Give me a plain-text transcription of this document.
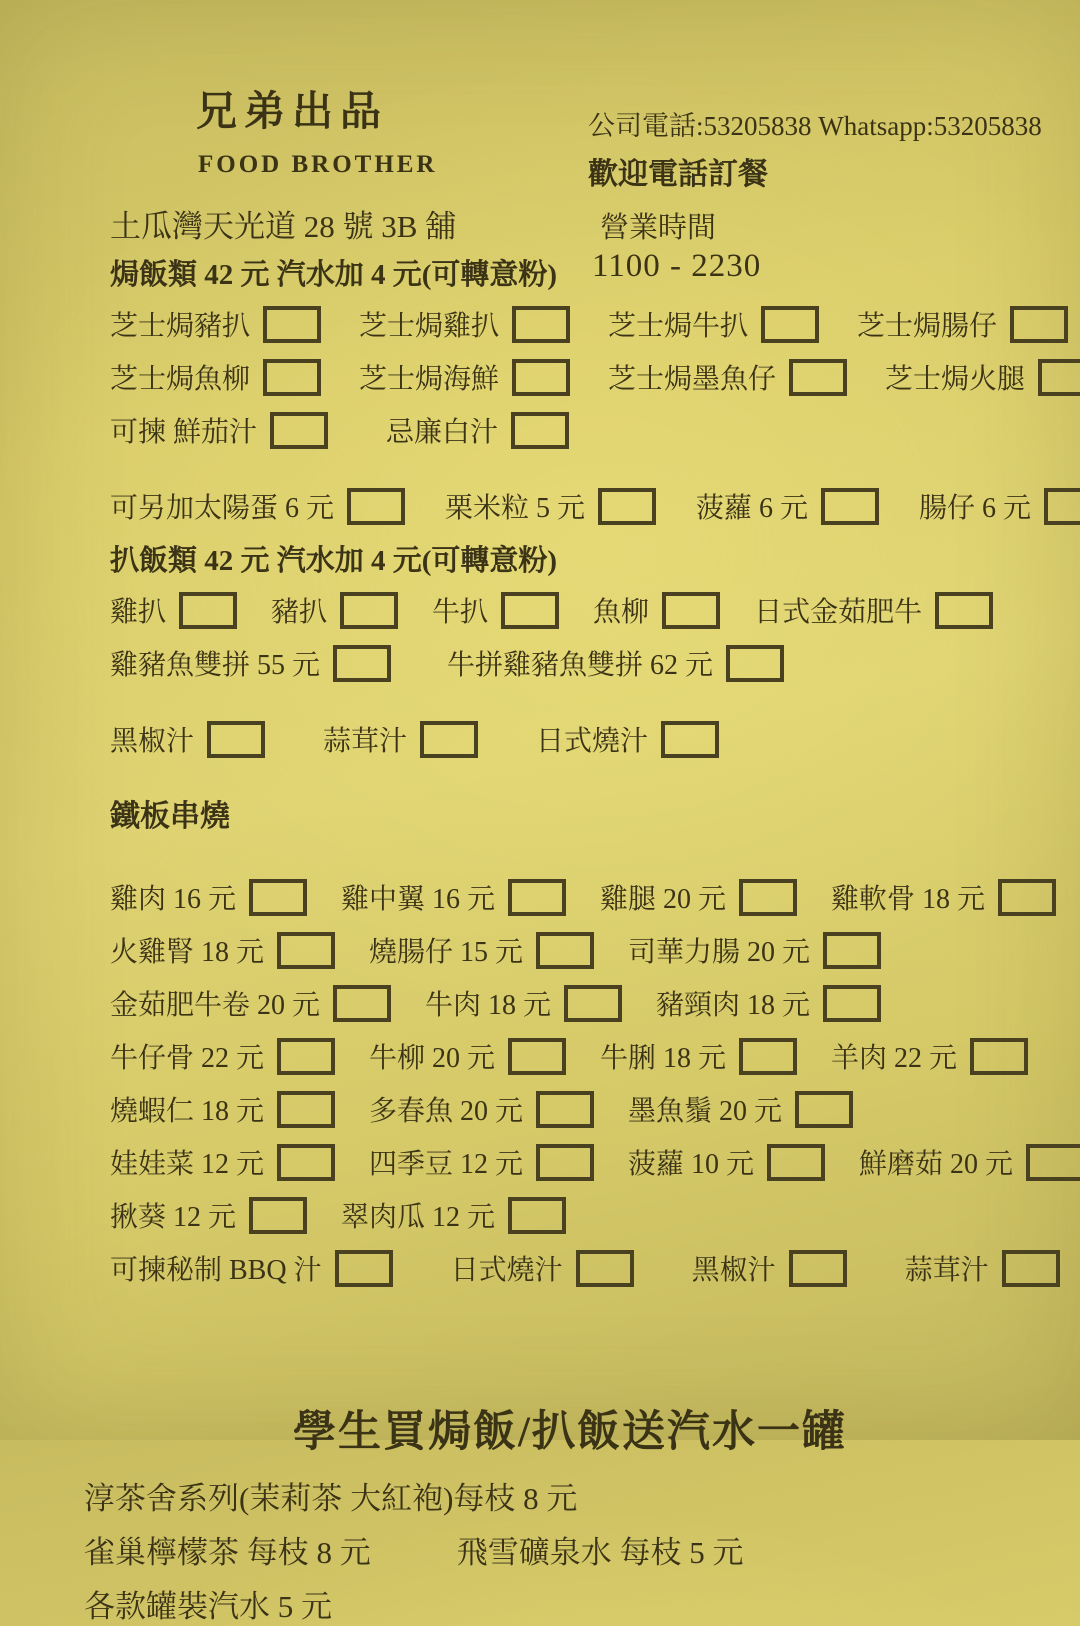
兄弟出品	公司電話:53205838 Whatsapp:53205838
FOOD BROTHER	歡迎電話訂餐
土瓜灣天光道 28 號 3B 舖	營業時間
焗飯類 42 元 汽水加 4 元(可轉意粉)	1100 - 2230
芝士焗豬扒	芝士焗雞扒	芝士焗牛扒	芝士焗腸仔
芝士焗魚柳	芝士焗海鮮	芝士焗墨魚仔	芝士焗火腿
可揀 鮮茄汁	忌廉白汁
可另加太陽蛋 6 元	栗米粒 5 元	菠蘿 6 元	腸仔 6 元
扒飯類 42 元 汽水加 4 元(可轉意粉)
雞扒	豬扒	牛扒	魚柳	日式金茹肥牛
雞豬魚雙拼 55 元	牛拼雞豬魚雙拼 62 元
黑椒汁	蒜茸汁	日式燒汁
鐵板串燒
雞肉 16 元	雞中翼 16 元	雞腿 20 元	雞軟骨 18 元
火雞腎 18 元	燒腸仔 15 元	司華力腸 20 元
金茹肥牛卷 20 元	牛肉 18 元	豬頸肉 18 元
牛仔骨 22 元	牛柳 20 元	牛脷 18 元	羊肉 22 元
燒蝦仁 18 元	多春魚 20 元	墨魚鬚 20 元
娃娃菜 12 元	四季豆 12 元	菠蘿 10 元	鮮磨茹 20 元
揪葵 12 元	翠肉瓜 12 元
可揀秘制 BBQ 汁	日式燒汁	黑椒汁	蒜茸汁
學生買焗飯/扒飯送汽水一罐
淳茶舍系列(茉莉茶 大紅袍)每枝 8 元
雀巢檸檬茶 每枝 8 元	飛雪礦泉水 每枝 5 元
各款罐裝汽水 5 元
